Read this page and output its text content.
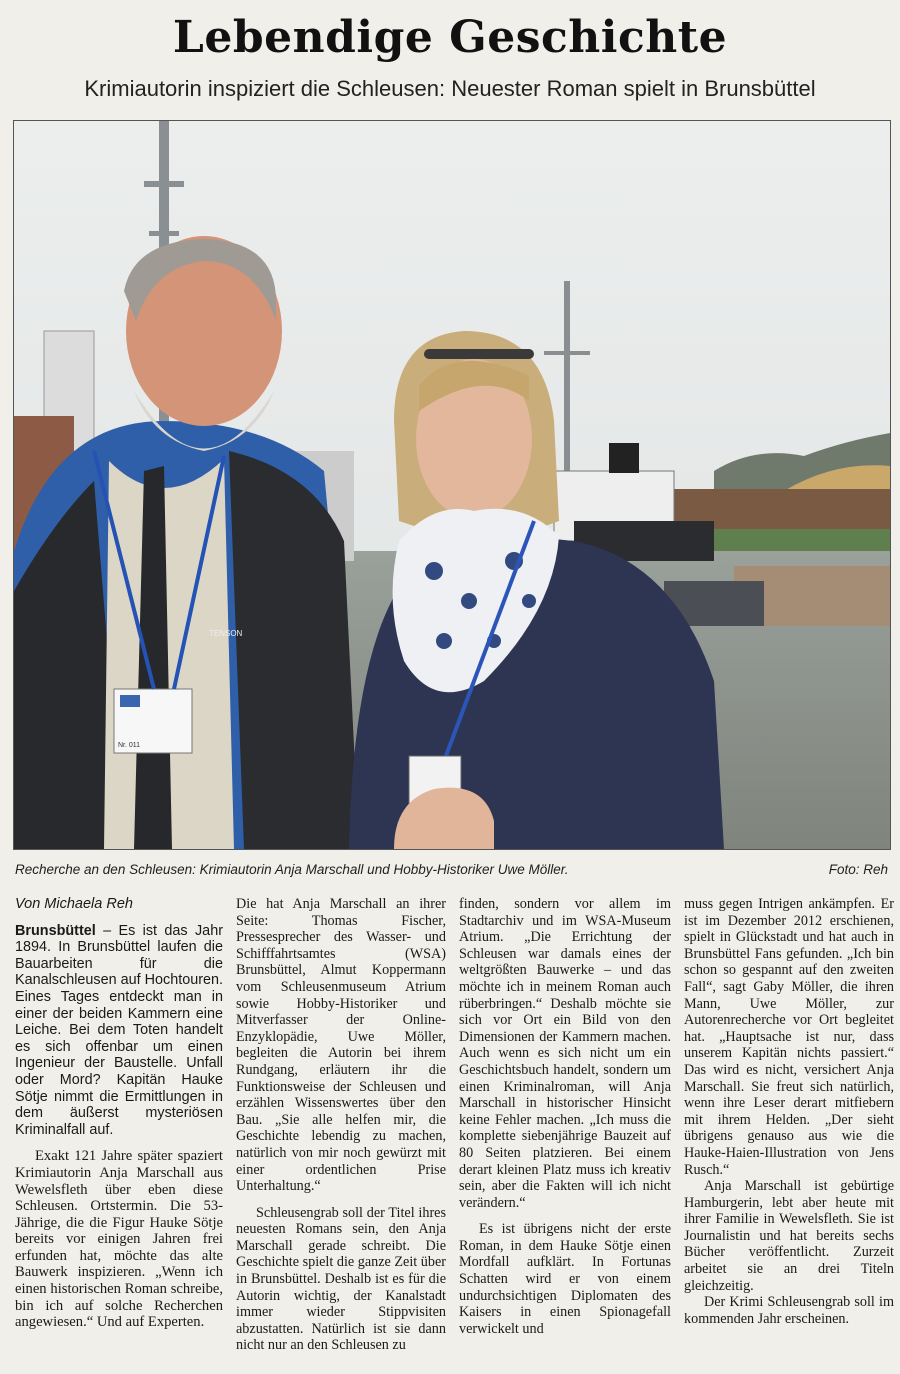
Lebendige Geschichte
Krimiautorin inspiziert die Schleusen: Neuester Roman spielt in Brunsbüttel
TENSON
Nr. 011
Recherche an den Schleusen: Krimiautorin Anja Marschall und Hobby-Historiker Uwe Möller.	Foto: Reh
Von Michaela Reh

Brunsbüttel – Es ist das Jahr 1894. In Brunsbüttel laufen die Bauarbeiten für die Kanalschleusen auf Hochtouren. Eines Tages entdeckt man in einer der beiden Kammern eine Leiche. Bei dem Toten handelt es sich offenbar um einen Ingenieur der Baustelle. Unfall oder Mord? Kapitän Hauke Sötje nimmt die Ermittlungen in dem äußerst mysteriösen Kriminalfall auf.

Exakt 121 Jahre später spaziert Krimiautorin Anja Marschall aus Wewelsfleth über eben diese Schleusen. Ortstermin. Die 53-Jährige, die die Figur Hauke Sötje bereits vor einigen Jahren frei erfunden hat, möchte das alte Bauwerk inspizieren. „Wenn ich einen historischen Roman schreibe, bin ich auf solche Recherchen angewiesen.“ Und auf Experten.

Die hat Anja Marschall an ihrer Seite: Thomas Fischer, Pressesprecher des Wasser- und Schifffahrtsamtes (WSA) Brunsbüttel, Almut Koppermann vom Schleusenmuseum Atrium sowie Hobby-Historiker und Mitverfasser der Online-Enzyklopädie, Uwe Möller, begleiten die Autorin bei ihrem Rundgang, erläutern ihr die Funktionsweise der Schleusen und erzählen Wissenswertes über den Bau. „Sie alle helfen mir, die Geschichte lebendig zu machen, natürlich von mir noch gewürzt mit einer ordentlichen Prise Unterhaltung.“

Schleusengrab soll der Titel ihres neuesten Romans sein, den Anja Marschall gerade schreibt. Die Geschichte spielt die ganze Zeit über in Brunsbüttel. Deshalb ist es für die Autorin wichtig, der Kanalstadt immer wieder Stippvisiten abzustatten. Natürlich ist sie dann nicht nur an den Schleusen zu

finden, sondern vor allem im Stadtarchiv und im WSA-Museum Atrium. „Die Errichtung der Schleusen war damals eines der weltgrößten Bauwerke – und das möchte ich in meinem Roman auch rüberbringen.“ Deshalb möchte sie sich vor Ort ein Bild von den Dimensionen der Kammern machen. Auch wenn es sich nicht um ein Geschichtsbuch handelt, sondern um einen Kriminalroman, will Anja Marschall in historischer Hinsicht keine Fehler machen. „Ich muss die komplette siebenjährige Bauzeit auf 80 Seiten platzieren. Bei einem derart kleinen Platz muss ich kreativ sein, aber die Fakten will ich nicht verändern.“

Es ist übrigens nicht der erste Roman, in dem Hauke Sötje einen Mordfall aufklärt. In Fortunas Schatten wird er von einem undurchsichtigen Diplomaten des Kaisers in einen Spionagefall verwickelt und

muss gegen Intrigen ankämpfen. Er ist im Dezember 2012 erschienen, spielt in Glückstadt und hat auch in Brunsbüttel Fans gefunden. „Ich bin schon so gespannt auf den zweiten Fall“, sagt Gaby Möller, die ihren Mann, Uwe Möller, zur Autorenrecherche vor Ort begleitet hat. „Hauptsache ist nur, dass unserem Kapitän nichts passiert.“ Das wird es nicht, versichert Anja Marschall. Sie freut sich natürlich, wenn ihre Leser derart mitfiebern mit ihrem Helden. „Der sieht übrigens genauso aus wie die Hauke-Haien-Illustration von Jens Rusch.“

Anja Marschall ist gebürtige Hamburgerin, lebt aber heute mit ihrer Familie in Wewelsfleth. Sie ist Journalistin und hat bereits sechs Bücher veröffentlicht. Zurzeit arbeitet sie an drei Titeln gleichzeitig.

Der Krimi Schleusengrab soll im kommenden Jahr erscheinen.
